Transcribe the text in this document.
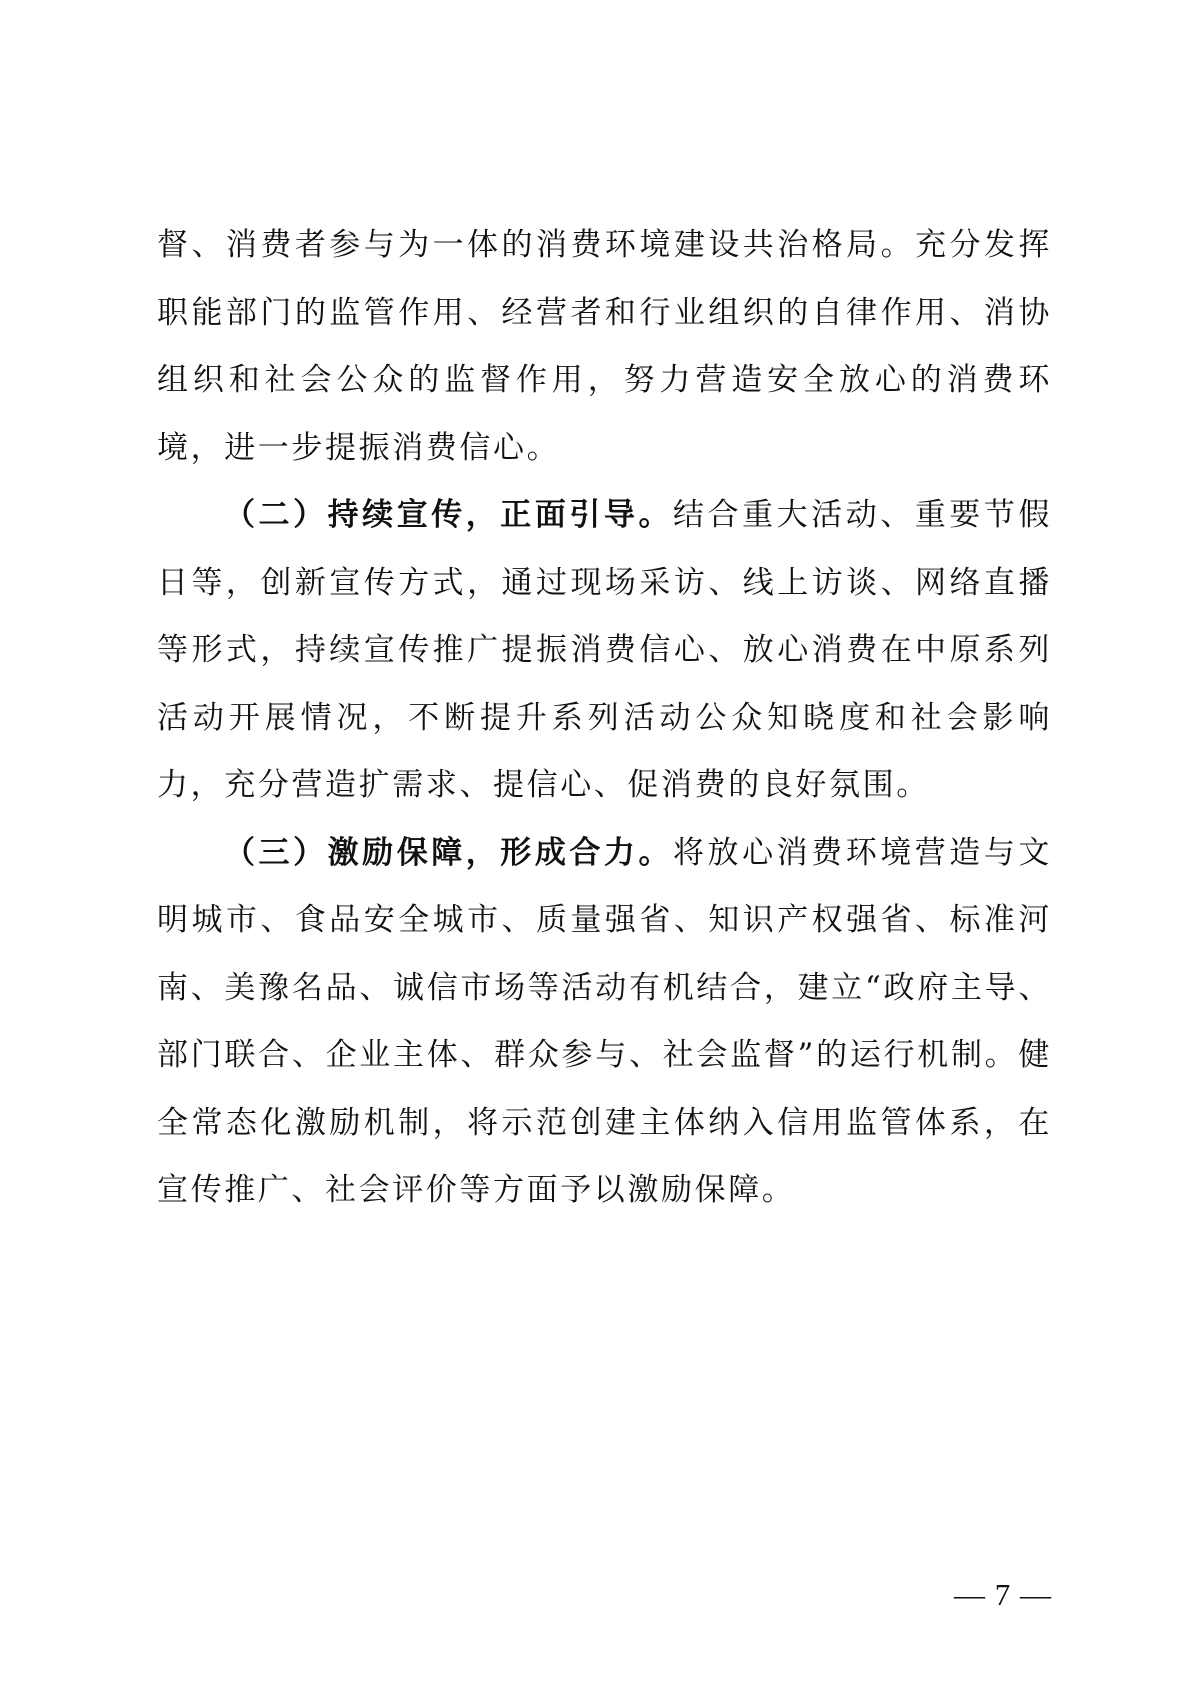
督、消费者参与为一体的消费环境建设共治格局。充分发挥职能部门的监管作用、经营者和行业组织的自律作用、消协组织和社会公众的监督作用，努力营造安全放心的消费环境，进一步提振消费信心。

（二）持续宣传，正面引导。结合重大活动、重要节假日等，创新宣传方式，通过现场采访、线上访谈、网络直播等形式，持续宣传推广提振消费信心、放心消费在中原系列活动开展情况，不断提升系列活动公众知晓度和社会影响力，充分营造扩需求、提信心、促消费的良好氛围。

（三）激励保障，形成合力。将放心消费环境营造与文明城市、食品安全城市、质量强省、知识产权强省、标准河南、美豫名品、诚信市场等活动有机结合，建立“政府主导、部门联合、企业主体、群众参与、社会监督”的运行机制。健全常态化激励机制，将示范创建主体纳入信用监管体系，在宣传推广、社会评价等方面予以激励保障。

— 7 —
